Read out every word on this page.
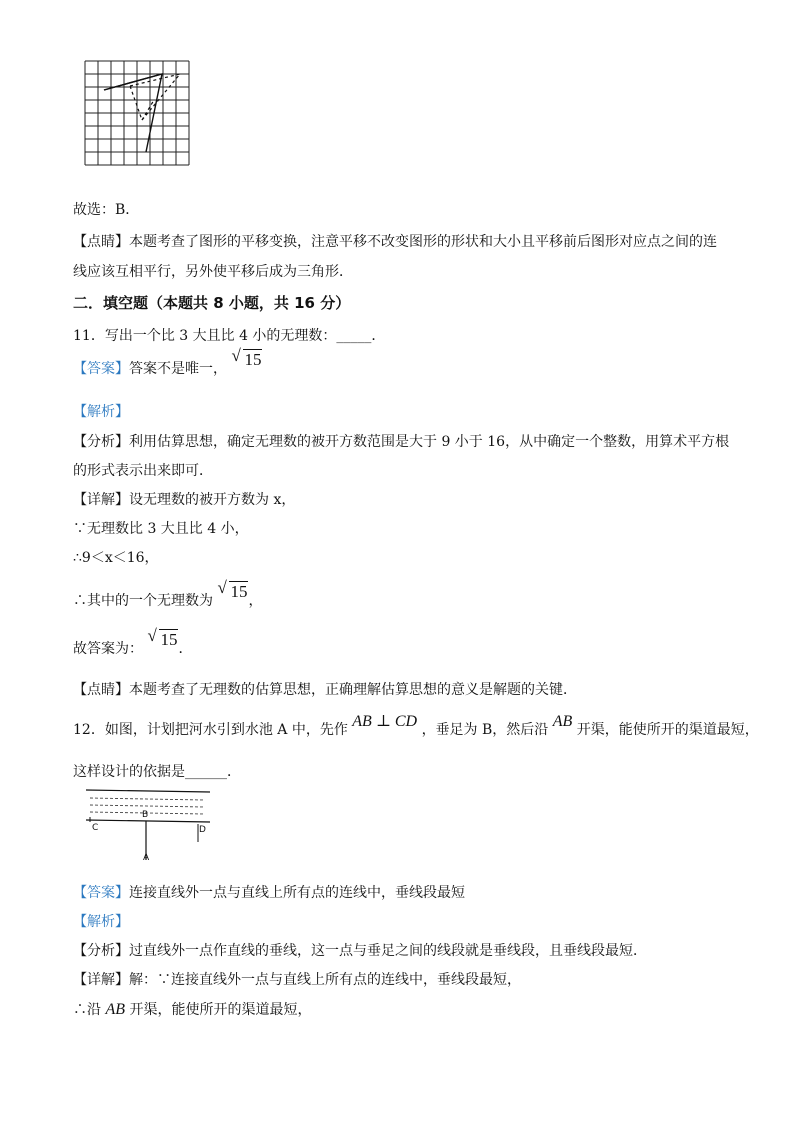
故选：B．
【点睛】本题考查了图形的平移变换，注意平移不改变图形的形状和大小且平移前后图形对应点之间的连
线应该互相平行，另外使平移后成为三角形．
二．填空题（本题共 8 小题，共 16 分）
11．写出一个比 3 大且比 4 小的无理数：_____．
【答案】答案不是唯一，
√ 15
【解析】
【分析】利用估算思想，确定无理数的被开方数范围是大于 9 小于 16，从中确定一个整数，用算术平方根
的形式表示出来即可．
【详解】设无理数的被开方数为 x，
∵无理数比 3 大且比 4 小，
∴9＜x＜16，
∴其中的一个无理数为
√ 15，
故答案为：
√ 15．
【点睛】本题考查了无理数的估算思想，正确理解估算思想的意义是解题的关键．
12．如图，计划把河水引到水池 A 中，先作 AB ⊥ CD ，垂足为 B，然后沿 AB 开渠，能使所开的渠道最短，
这样设计的依据是______．
B
C	D
A
【答案】连接直线外一点与直线上所有点的连线中，垂线段最短
【解析】
【分析】过直线外一点作直线的垂线，这一点与垂足之间的线段就是垂线段，且垂线段最短．
【详解】解：∵连接直线外一点与直线上所有点的连线中，垂线段最短，
∴沿 AB 开渠，能使所开的渠道最短，
